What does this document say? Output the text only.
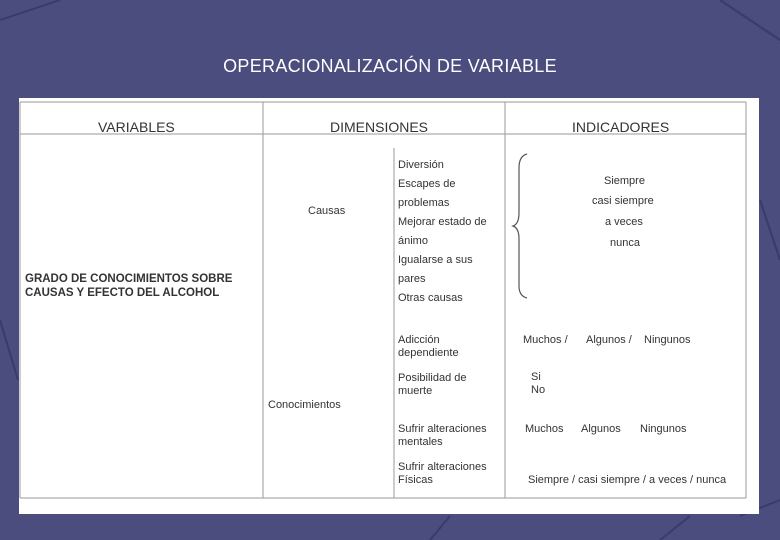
OPERACIONALIZACIÓN DE VARIABLE
VARIABLES	DIMENSIONES	INDICADORES
GRADO DE CONOCIMIENTOS SOBRE
CAUSAS Y EFECTO DEL ALCOHOL
Causas
Conocimientos
Diversión
Escapes de
problemas
Mejorar estado de
ánimo
Igualarse a sus
pares
Otras causas
Siempre
casi siempre
a veces
nunca
Adicción
dependiente
Posibilidad de
muerte
Sufrir alteraciones
mentales
Sufrir alteraciones
Físicas
Muchos / Algunos / Ningunos
Si
No
Muchos Algunos Ningunos
Siempre / casi siempre / a veces / nunca
